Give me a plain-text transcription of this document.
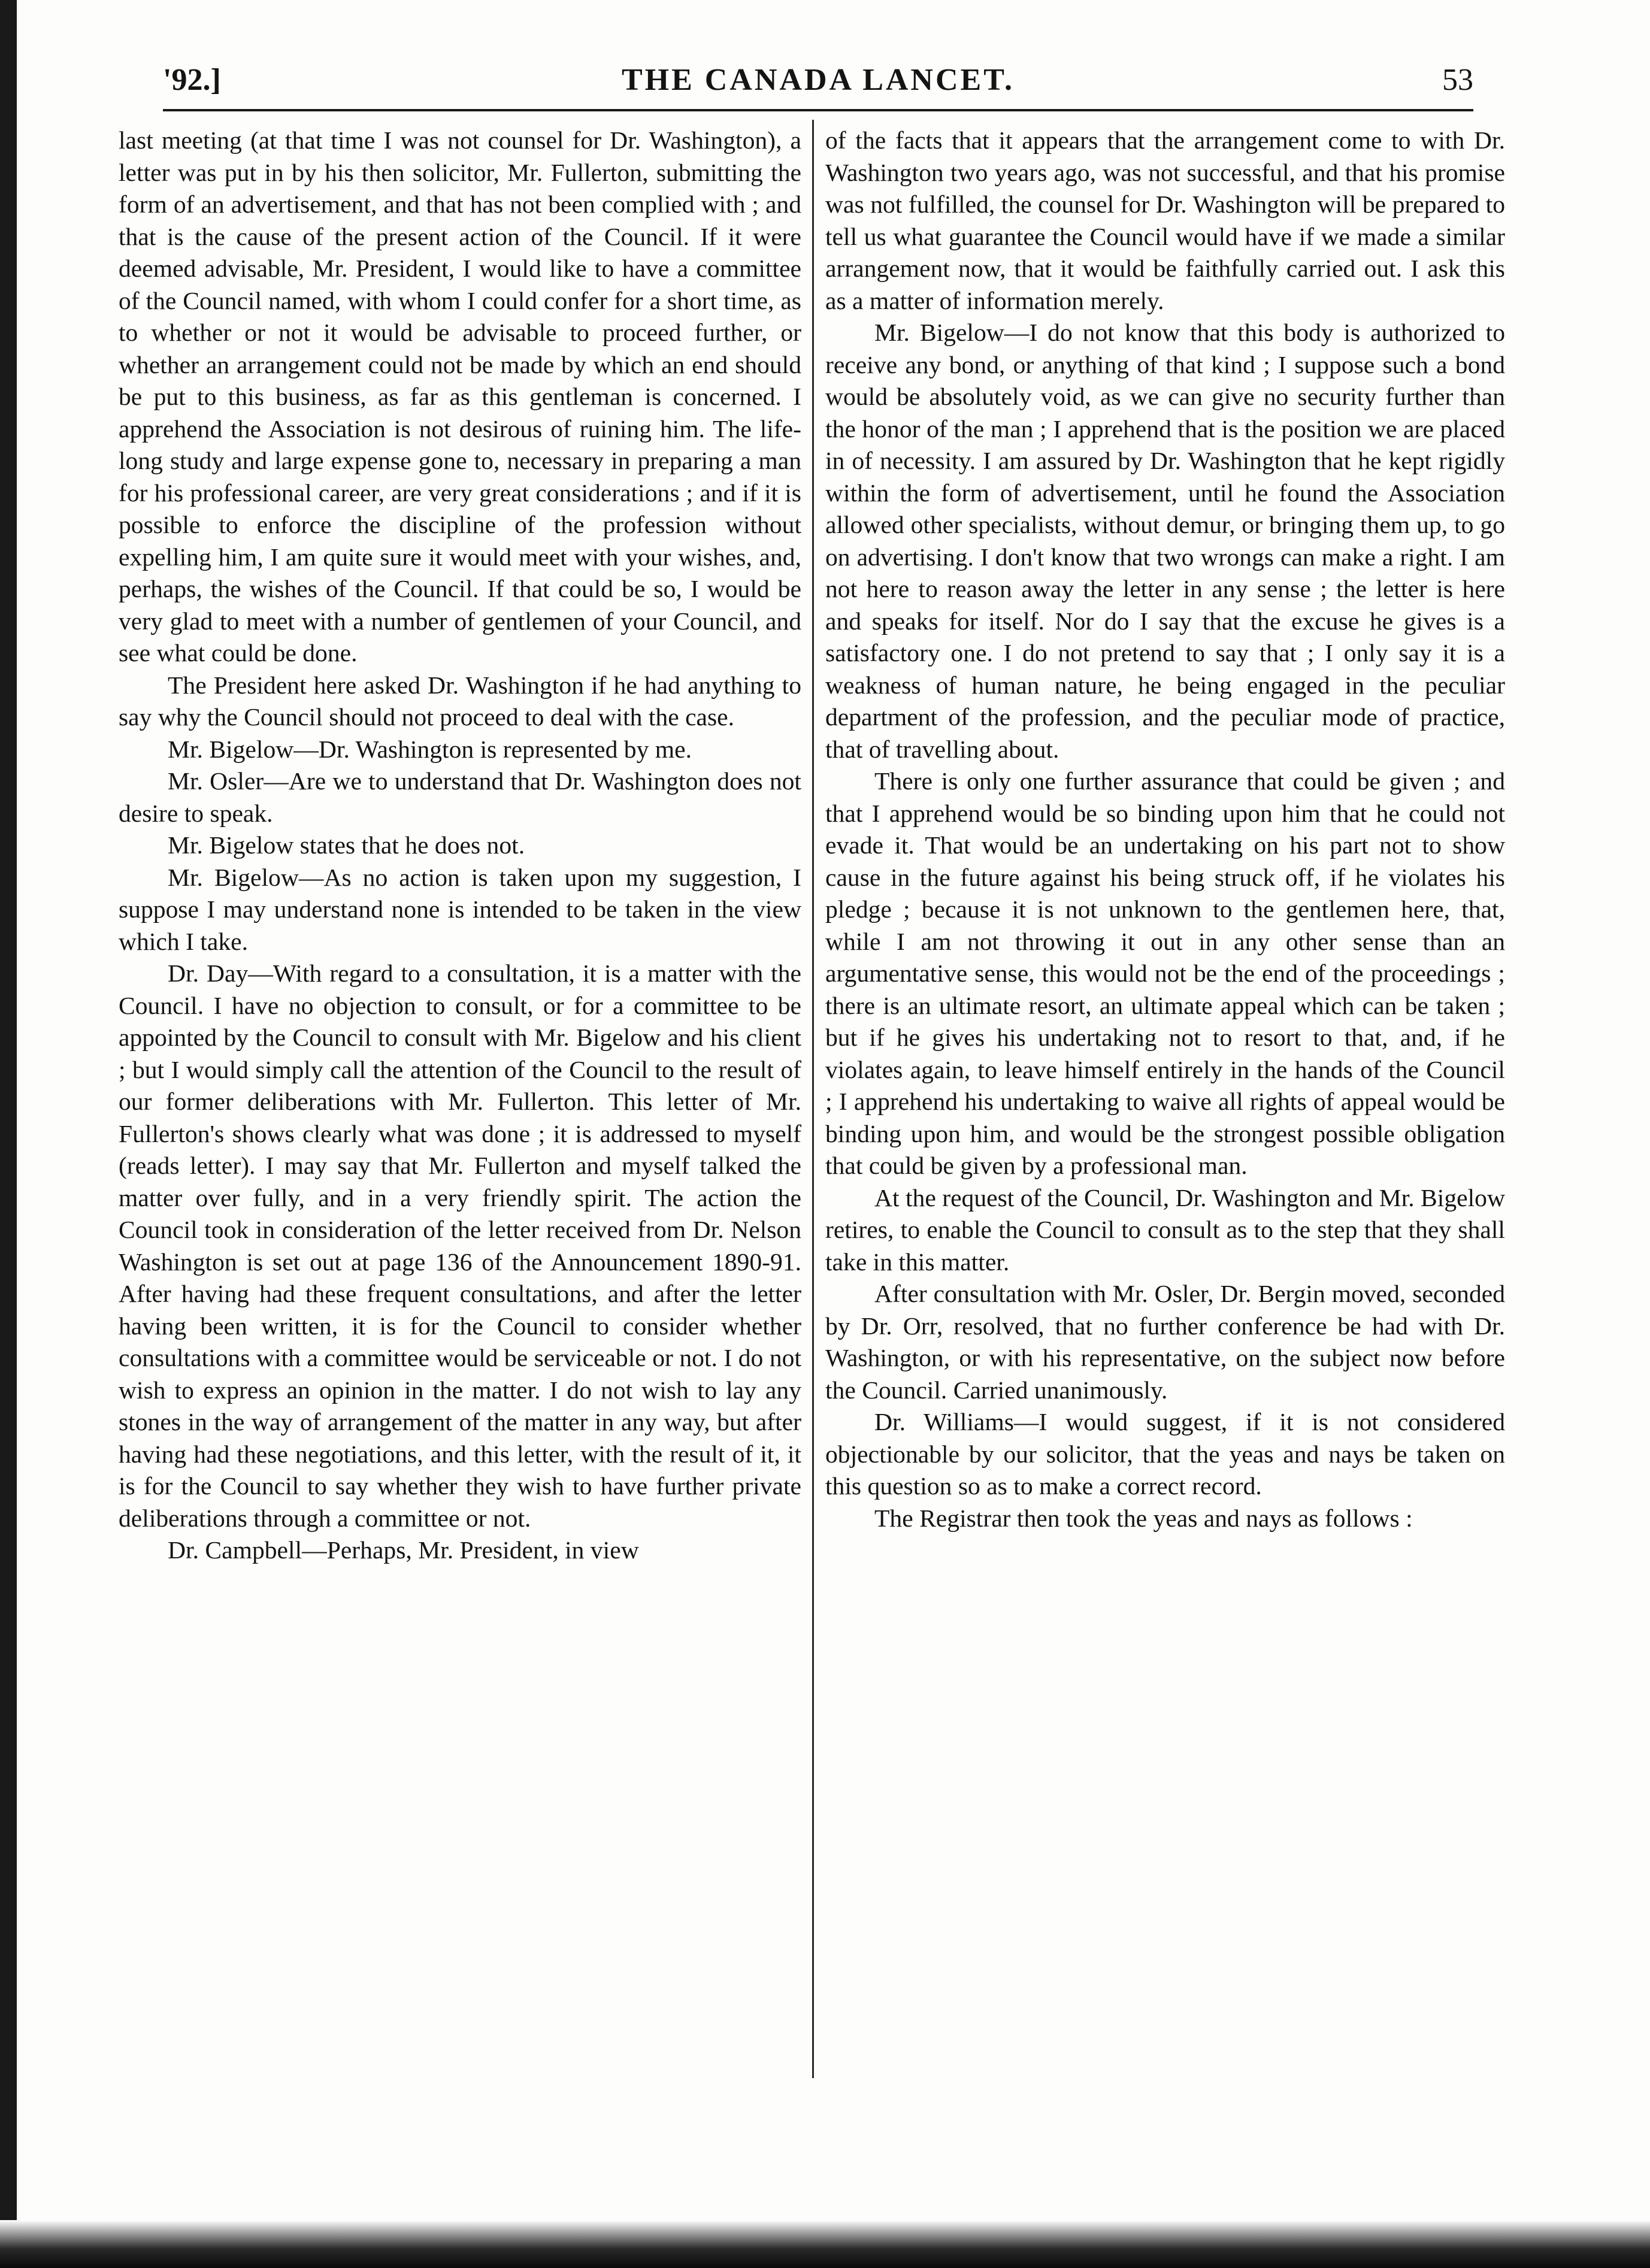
'92.]	THE CANADA LANCET.	53

last meeting (at that time I was not counsel for Dr. Washington), a letter was put in by his then solicitor, Mr. Fullerton, submitting the form of an advertisement, and that has not been complied with ; and that is the cause of the present action of the Council. If it were deemed advisable, Mr. President, I would like to have a committee of the Council named, with whom I could confer for a short time, as to whether or not it would be advisable to proceed further, or whether an arrangement could not be made by which an end should be put to this business, as far as this gentleman is concerned. I apprehend the Association is not desirous of ruining him. The life-long study and large expense gone to, necessary in preparing a man for his professional career, are very great considerations ; and if it is possible to enforce the discipline of the profession without expelling him, I am quite sure it would meet with your wishes, and, perhaps, the wishes of the Council. If that could be so, I would be very glad to meet with a number of gentlemen of your Council, and see what could be done.

The President here asked Dr. Washington if he had anything to say why the Council should not proceed to deal with the case.

Mr. Bigelow—Dr. Washington is represented by me.

Mr. Osler—Are we to understand that Dr. Washington does not desire to speak.

Mr. Bigelow states that he does not.

Mr. Bigelow—As no action is taken upon my suggestion, I suppose I may understand none is intended to be taken in the view which I take.

Dr. Day—With regard to a consultation, it is a matter with the Council. I have no objection to consult, or for a committee to be appointed by the Council to consult with Mr. Bigelow and his client ; but I would simply call the attention of the Council to the result of our former deliberations with Mr. Fullerton. This letter of Mr. Fullerton's shows clearly what was done ; it is addressed to myself (reads letter). I may say that Mr. Fullerton and myself talked the matter over fully, and in a very friendly spirit. The action the Council took in consideration of the letter received from Dr. Nelson Washington is set out at page 136 of the Announcement 1890-91. After having had these frequent consultations, and after the letter having been written, it is for the Council to consider whether consultations with a committee would be serviceable or not. I do not wish to express an opinion in the matter. I do not wish to lay any stones in the way of arrangement of the matter in any way, but after having had these negotiations, and this letter, with the result of it, it is for the Council to say whether they wish to have further private deliberations through a committee or not.

Dr. Campbell—Perhaps, Mr. President, in view

of the facts that it appears that the arrangement come to with Dr. Washington two years ago, was not successful, and that his promise was not fulfilled, the counsel for Dr. Washington will be prepared to tell us what guarantee the Council would have if we made a similar arrangement now, that it would be faithfully carried out. I ask this as a matter of information merely.

Mr. Bigelow—I do not know that this body is authorized to receive any bond, or anything of that kind ; I suppose such a bond would be absolutely void, as we can give no security further than the honor of the man ; I apprehend that is the position we are placed in of necessity. I am assured by Dr. Washington that he kept rigidly within the form of advertisement, until he found the Association allowed other specialists, without demur, or bringing them up, to go on advertising. I don't know that two wrongs can make a right. I am not here to reason away the letter in any sense ; the letter is here and speaks for itself. Nor do I say that the excuse he gives is a satisfactory one. I do not pretend to say that ; I only say it is a weakness of human nature, he being engaged in the peculiar department of the profession, and the peculiar mode of practice, that of travelling about.

There is only one further assurance that could be given ; and that I apprehend would be so binding upon him that he could not evade it. That would be an undertaking on his part not to show cause in the future against his being struck off, if he violates his pledge ; because it is not unknown to the gentlemen here, that, while I am not throwing it out in any other sense than an argumentative sense, this would not be the end of the proceedings ; there is an ultimate resort, an ultimate appeal which can be taken ; but if he gives his undertaking not to resort to that, and, if he violates again, to leave himself entirely in the hands of the Council ; I apprehend his undertaking to waive all rights of appeal would be binding upon him, and would be the strongest possible obligation that could be given by a professional man.

At the request of the Council, Dr. Washington and Mr. Bigelow retires, to enable the Council to consult as to the step that they shall take in this matter.

After consultation with Mr. Osler, Dr. Bergin moved, seconded by Dr. Orr, resolved, that no further conference be had with Dr. Washington, or with his representative, on the subject now before the Council. Carried unanimously.

Dr. Williams—I would suggest, if it is not considered objectionable by our solicitor, that the yeas and nays be taken on this question so as to make a correct record.

The Registrar then took the yeas and nays as follows :
